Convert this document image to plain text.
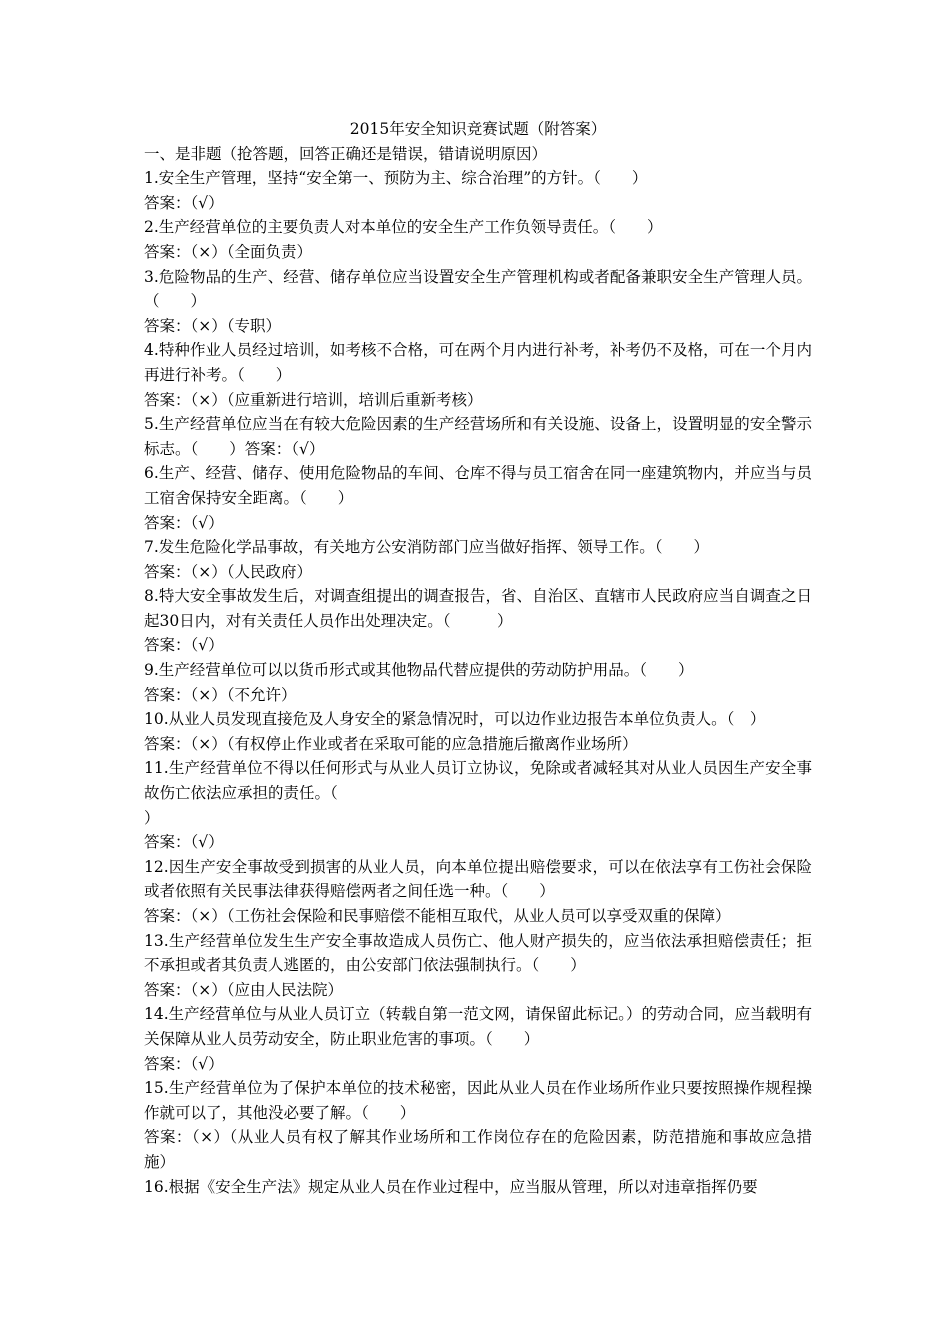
2015年安全知识竞赛试题（附答案）

一、是非题（抢答题，回答正确还是错误，错请说明原因）

1.安全生产管理，坚持“安全第一、预防为主、综合治理”的方针。（　　）

答案：（√）

2.生产经营单位的主要负责人对本单位的安全生产工作负领导责任。（　　）

答案：（×）（全面负责）

3.危险物品的生产、经营、储存单位应当设置安全生产管理机构或者配备兼职安全生产管理人员。（　　）

答案：（×）（专职）

4.特种作业人员经过培训，如考核不合格，可在两个月内进行补考，补考仍不及格，可在一个月内再进行补考。（　　）

答案：（×）（应重新进行培训，培训后重新考核）

5.生产经营单位应当在有较大危险因素的生产经营场所和有关设施、设备上，设置明显的安全警示标志。（　　）答案：（√）

6.生产、经营、储存、使用危险物品的车间、仓库不得与员工宿舍在同一座建筑物内，并应当与员工宿舍保持安全距离。（　　）

答案：（√）

7.发生危险化学品事故，有关地方公安消防部门应当做好指挥、领导工作。（　　）

答案：（×）（人民政府）

8.特大安全事故发生后，对调查组提出的调查报告，省、自治区、直辖市人民政府应当自调查之日起30日内，对有关责任人员作出处理决定。（　　　）

答案：（√）

9.生产经营单位可以以货币形式或其他物品代替应提供的劳动防护用品。（　　）

答案：（×）（不允许）

10.从业人员发现直接危及人身安全的紧急情况时，可以边作业边报告本单位负责人。（　）

答案：（×）（有权停止作业或者在采取可能的应急措施后撤离作业场所）

11.生产经营单位不得以任何形式与从业人员订立协议，免除或者减轻其对从业人员因生产安全事故伤亡依法应承担的责任。（

）

答案：（√）

12.因生产安全事故受到损害的从业人员，向本单位提出赔偿要求，可以在依法享有工伤社会保险或者依照有关民事法律获得赔偿两者之间任选一种。（　　）

答案：（×）（工伤社会保险和民事赔偿不能相互取代，从业人员可以享受双重的保障）

13.生产经营单位发生生产安全事故造成人员伤亡、他人财产损失的，应当依法承担赔偿责任；拒不承担或者其负责人逃匿的，由公安部门依法强制执行。（　　）

答案：（×）（应由人民法院）

14.生产经营单位与从业人员订立（转载自第一范文网，请保留此标记。）的劳动合同，应当载明有关保障从业人员劳动安全，防止职业危害的事项。（　　）

答案：（√）

15.生产经营单位为了保护本单位的技术秘密，因此从业人员在作业场所作业只要按照操作规程操作就可以了，其他没必要了解。（　　）

答案：（×）（从业人员有权了解其作业场所和工作岗位存在的危险因素，防范措施和事故应急措施）

16.根据《安全生产法》规定从业人员在作业过程中，应当服从管理，所以对违章指挥仍要
